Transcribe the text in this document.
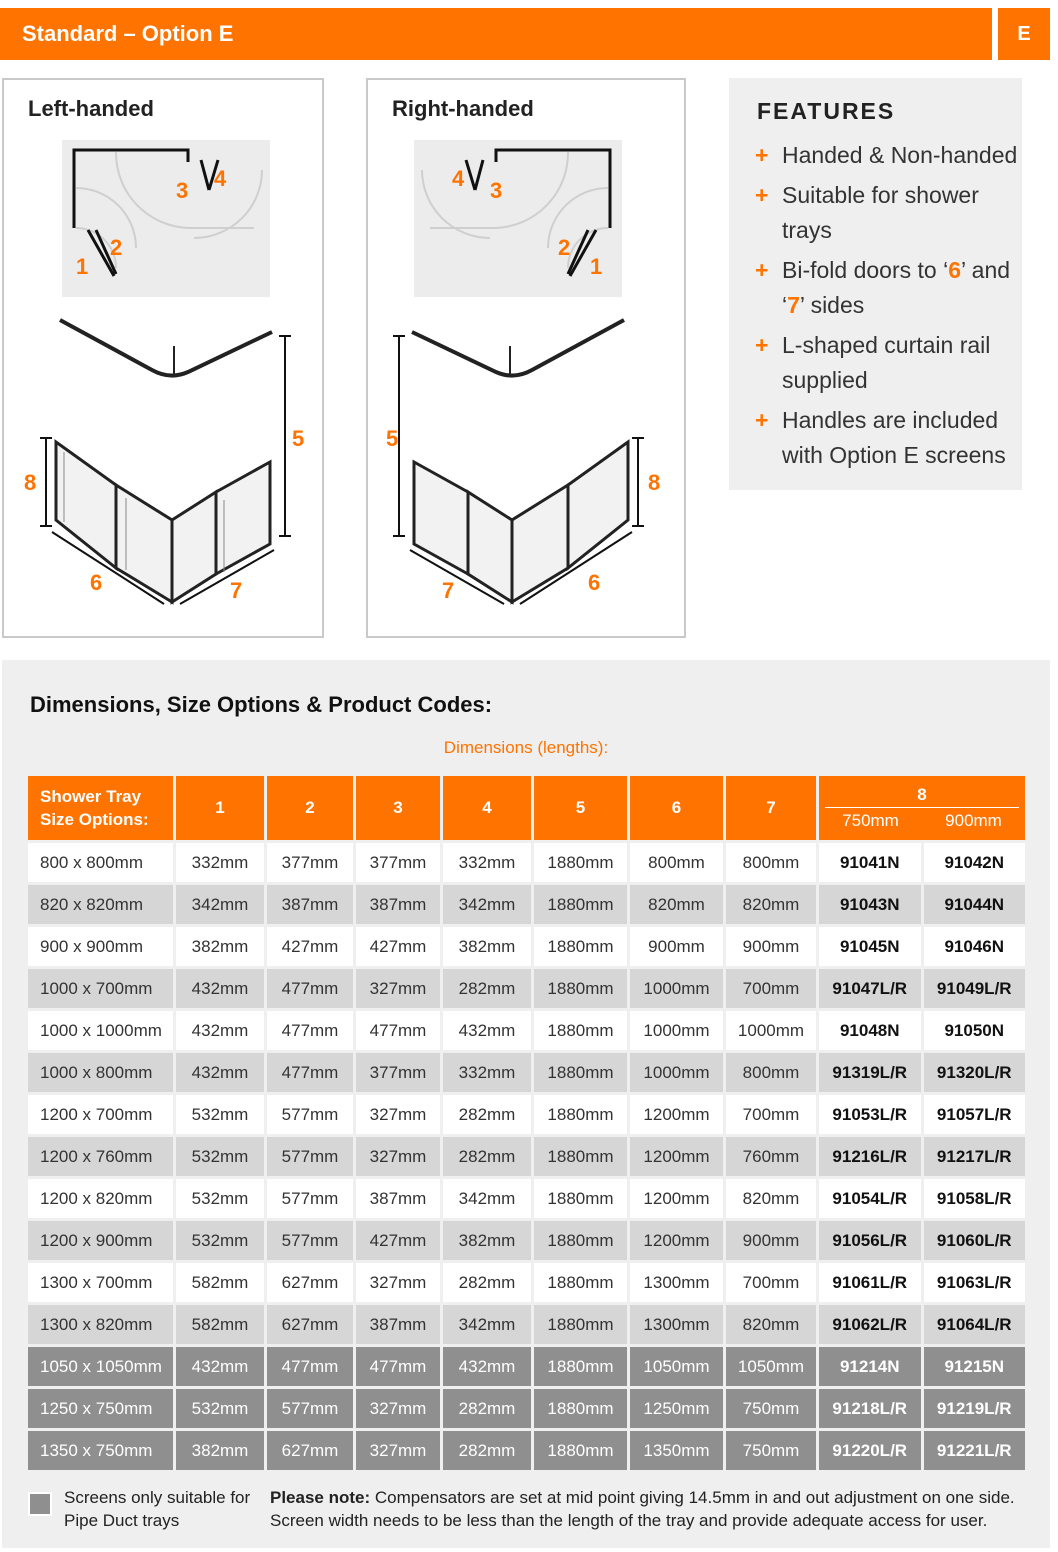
Standard – Option E	E
Left-handed
3 4
1
2
5
8
6	7
Right-handed
4 3
2
1
5
8
7	6
FEATURES
+ Handed & Non-handed
+ Suitable for shower trays
+ Bi-fold doors to ‘6’ and ‘7’ sides
+ L-shaped curtain rail supplied
+ Handles are included with Option E screens
Dimensions, Size Options & Product Codes:
Dimensions (lengths):
Shower Tray Size Options:	1	2	3	4	5	6	7	8
750mm 900mm	

800 x 800mm	332mm	377mm	377mm	332mm	1880mm	800mm	800mm	91041N	91042N
820 x 820mm	342mm	387mm	387mm	342mm	1880mm	820mm	820mm	91043N	91044N
900 x 900mm	382mm	427mm	427mm	382mm	1880mm	900mm	900mm	91045N	91046N
1000 x 700mm	432mm	477mm	327mm	282mm	1880mm	1000mm	700mm	91047L/R	91049L/R
1000 x 1000mm	432mm	477mm	477mm	432mm	1880mm	1000mm	1000mm	91048N	91050N
1000 x 800mm	432mm	477mm	377mm	332mm	1880mm	1000mm	800mm	91319L/R	91320L/R
1200 x 700mm	532mm	577mm	327mm	282mm	1880mm	1200mm	700mm	91053L/R	91057L/R
1200 x 760mm	532mm	577mm	327mm	282mm	1880mm	1200mm	760mm	91216L/R	91217L/R
1200 x 820mm	532mm	577mm	387mm	342mm	1880mm	1200mm	820mm	91054L/R	91058L/R
1200 x 900mm	532mm	577mm	427mm	382mm	1880mm	1200mm	900mm	91056L/R	91060L/R
1300 x 700mm	582mm	627mm	327mm	282mm	1880mm	1300mm	700mm	91061L/R	91063L/R
1300 x 820mm	582mm	627mm	387mm	342mm	1880mm	1300mm	820mm	91062L/R	91064L/R
1050 x 1050mm	432mm	477mm	477mm	432mm	1880mm	1050mm	1050mm	91214N	91215N
1250 x 750mm	532mm	577mm	327mm	282mm	1880mm	1250mm	750mm	91218L/R	91219L/R
1350 x 750mm	382mm	627mm	327mm	282mm	1880mm	1350mm	750mm	91220L/R	91221L/R
Screens only suitable for Pipe Duct trays
Please note: Compensators are set at mid point giving 14.5mm in and out adjustment on one side.
Screen width needs to be less than the length of the tray and provide adequate access for user.
